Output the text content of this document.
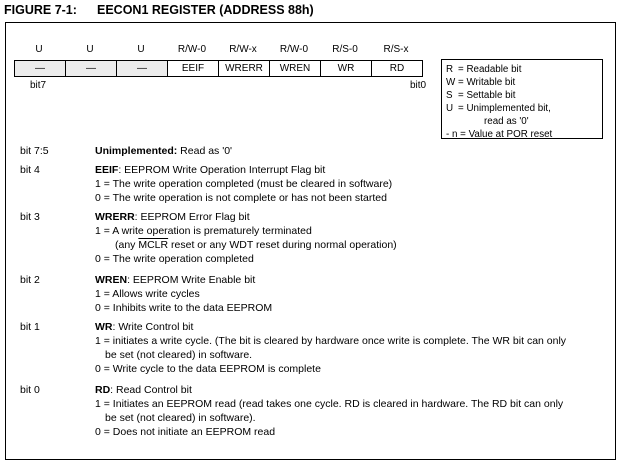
FIGURE 7-1: EECON1 REGISTER (ADDRESS 88h)
U	U	U	R/W-0	R/W-x	R/W-0	R/S-0	R/S-x
—	—	—	EEIF	WRERR	WREN	WR	RD
bit7	bit0
R = Readable bit
W = Writable bit
S = Settable bit
U = Unimplemented bit,
read as '0'
- n = Value at POR reset
bit 7:5	Unimplemented: Read as '0'
bit 4	EEIF: EEPROM Write Operation Interrupt Flag bit
1 = The write operation completed (must be cleared in software)
0 = The write operation is not complete or has not been started
bit 3	WRERR: EEPROM Error Flag bit
1 = A write operation is prematurely terminated
(any MCLR reset or any WDT reset during normal operation)
0 = The write operation completed
bit 2	WREN: EEPROM Write Enable bit
1 = Allows write cycles
0 = Inhibits write to the data EEPROM
bit 1	WR: Write Control bit
1 = initiates a write cycle. (The bit is cleared by hardware once write is complete. The WR bit can only
be set (not cleared) in software.
0 = Write cycle to the data EEPROM is complete
bit 0	RD: Read Control bit
1 = Initiates an EEPROM read (read takes one cycle. RD is cleared in hardware. The RD bit can only
be set (not cleared) in software).
0 = Does not initiate an EEPROM read
